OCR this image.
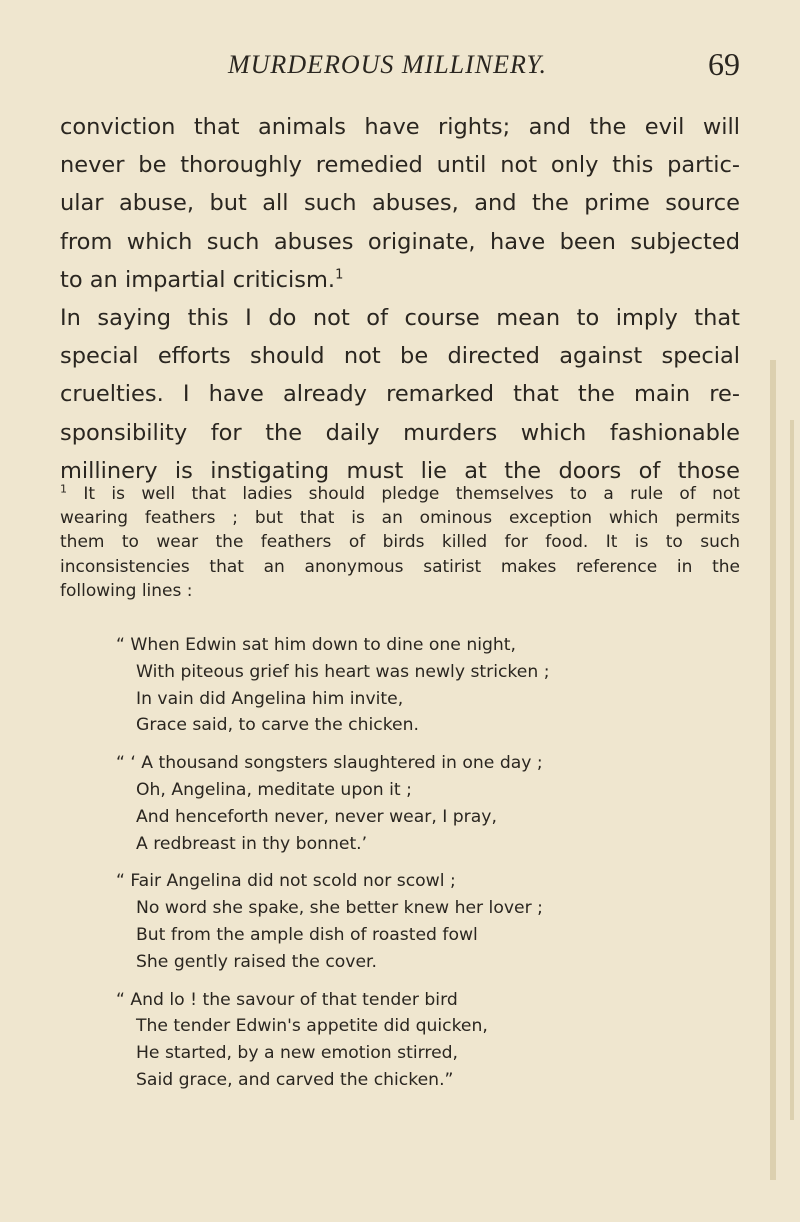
MURDEROUS MILLINERY.	69
conviction that animals have rights; and the evil will
never be thoroughly remedied until not only this partic-
ular abuse, but all such abuses, and the prime source
from which such abuses originate, have been subjected
to an impartial criticism.$^1$
In saying this I do not of course mean to imply that
special efforts should not be directed against special
cruelties. I have already remarked that the main re-
sponsibility for the daily murders which fashionable
millinery is instigating must lie at the doors of those
$^1$ It is well that ladies should pledge themselves to a rule of not
wearing feathers ; but that is an ominous exception which permits
them to wear the feathers of birds killed for food. It is to such
inconsistencies that an anonymous satirist makes reference in the
following lines :
“ When Edwin sat him down to dine one night,
With piteous grief his heart was newly stricken ;
In vain did Angelina him invite,
Grace said, to carve the chicken.
“ ‘ A thousand songsters slaughtered in one day ;
Oh, Angelina, meditate upon it ;
And henceforth never, never wear, I pray,
A redbreast in thy bonnet.’
“ Fair Angelina did not scold nor scowl ;
No word she spake, she better knew her lover ;
But from the ample dish of roasted fowl
She gently raised the cover.
“ And lo ! the savour of that tender bird
The tender Edwin's appetite did quicken,
He started, by a new emotion stirred,
Said grace, and carved the chicken.”
